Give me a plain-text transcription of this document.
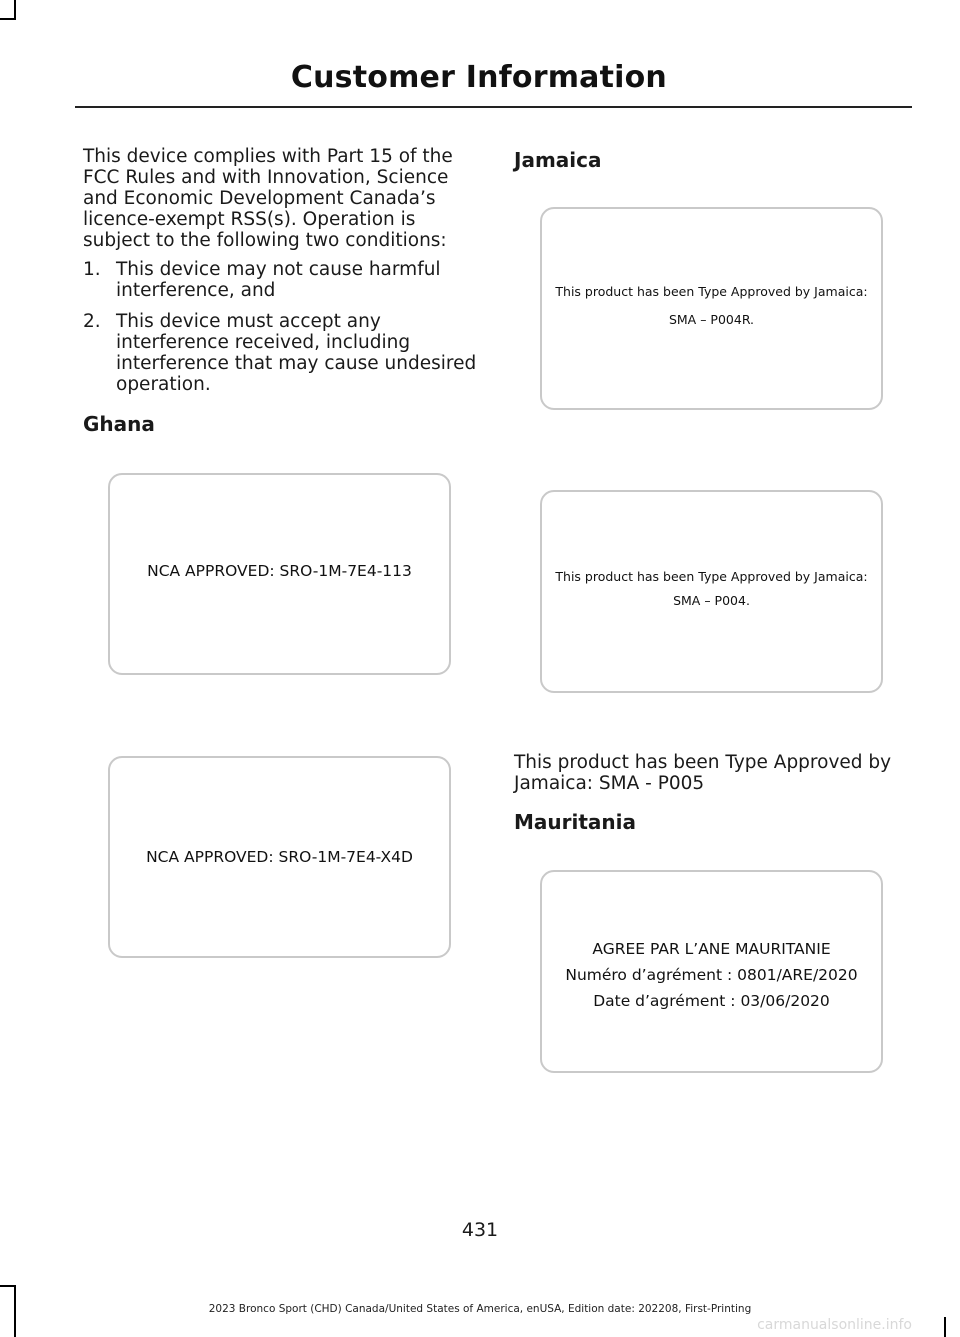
Customer Information

This device complies with Part 15 of the FCC Rules and with Innovation, Science and Economic Development Canada’s licence-exempt RSS(s). Operation is subject to the following two conditions:

1. This device may not cause harmful interference, and
2. This device must accept any interference received, including interference that may cause undesired operation.
Ghana
NCA APPROVED: SRO-1M-7E4-113
NCA APPROVED: SRO-1M-7E4-X4D
Jamaica
This product has been Type Approved by Jamaica:
SMA – P004R.
This product has been Type Approved by Jamaica:
SMA – P004.
This product has been Type Approved by Jamaica: SMA - P005
Mauritania
AGREE PAR L’ANE MAURITANIE
Numéro d’agrément : 0801/ARE/2020
Date d’agrément : 03/06/2020
431
2023 Bronco Sport (CHD) Canada/United States of America, enUSA, Edition date: 202208, First-Printing
carmanualsonline.info
